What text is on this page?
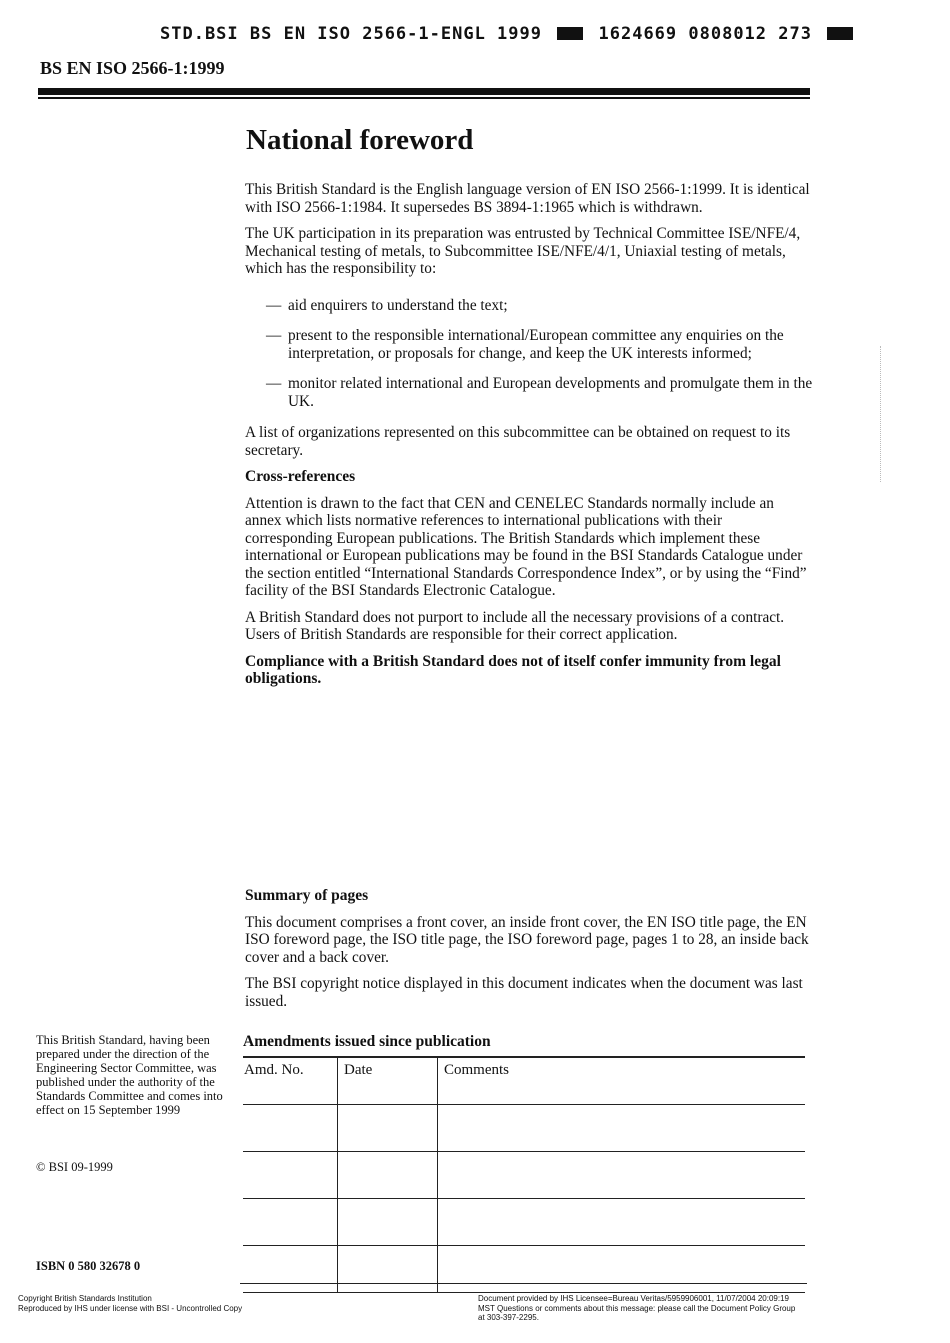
STD.BSI BS EN ISO 2566-1-ENGL 1999	1624669 0808012 273
BS EN ISO 2566-1:1999
National foreword

This British Standard is the English language version of EN ISO 2566-1:1999. It is identical with ISO 2566-1:1984. It supersedes BS 3894-1:1965 which is withdrawn.

The UK participation in its preparation was entrusted by Technical Committee ISE/NFE/4, Mechanical testing of metals, to Subcommittee ISE/NFE/4/1, Uniaxial testing of metals, which has the responsibility to:

— aid enquirers to understand the text;
— present to the responsible international/European committee any enquiries on the interpretation, or proposals for change, and keep the UK interests informed;
— monitor related international and European developments and promulgate them in the UK.

A list of organizations represented on this subcommittee can be obtained on request to its secretary.

Cross-references

Attention is drawn to the fact that CEN and CENELEC Standards normally include an annex which lists normative references to international publications with their corresponding European publications. The British Standards which implement these international or European publications may be found in the BSI Standards Catalogue under the section entitled “International Standards Correspondence Index”, or by using the “Find” facility of the BSI Standards Electronic Catalogue.

A British Standard does not purport to include all the necessary provisions of a contract. Users of British Standards are responsible for their correct application.

Compliance with a British Standard does not of itself confer immunity from legal obligations.

Summary of pages

This document comprises a front cover, an inside front cover, the EN ISO title page, the EN ISO foreword page, the ISO title page, the ISO foreword page, pages 1 to 28, an inside back cover and a back cover.

The BSI copyright notice displayed in this document indicates when the document was last issued.

This British Standard, having been prepared under the direction of the Engineering Sector Committee, was published under the authority of the Standards Committee and comes into effect on 15 September 1999
© BSI 09-1999
ISBN 0 580 32678 0
Amendments issued since publication
Amd. No.	Date	Comments

Copyright British Standards Institution
Reproduced by IHS under license with BSI - Uncontrolled Copy
Document provided by IHS Licensee=Bureau Veritas/5959906001, 11/07/2004 20:09:19 MST Questions or comments about this message: please call the Document Policy Group at 303-397-2295.
